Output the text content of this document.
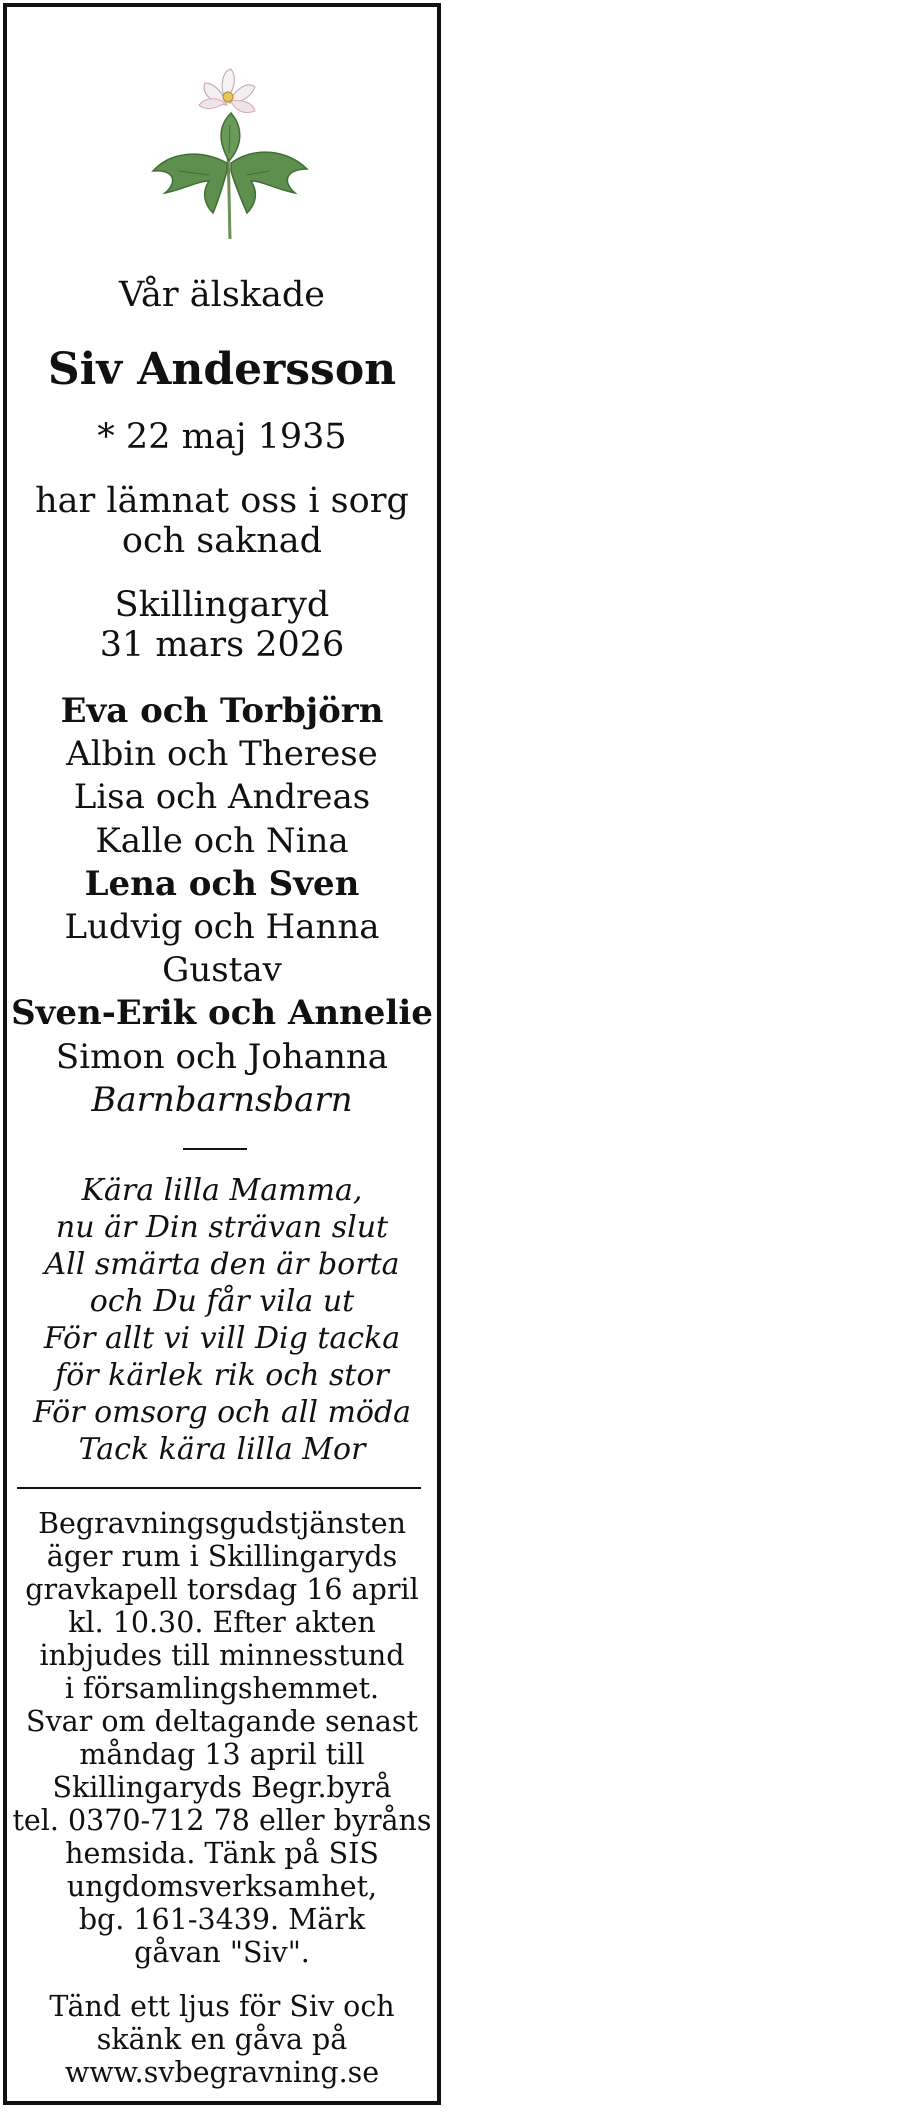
Vår älskade
Siv Andersson
* 22 maj 1935
har lämnat oss i sorg
och saknad
Skillingaryd
31 mars 2026
Eva och Torbjörn
Albin och Therese
Lisa och Andreas
Kalle och Nina
Lena och Sven
Ludvig och Hanna
Gustav
Sven-Erik och Annelie
Simon och Johanna
Barnbarnsbarn
Kära lilla Mamma,
nu är Din strävan slut
All smärta den är borta
och Du får vila ut
För allt vi vill Dig tacka
för kärlek rik och stor
För omsorg och all möda
Tack kära lilla Mor
Begravningsgudstjänsten
äger rum i Skillingaryds
gravkapell torsdag 16 april
kl. 10.30. Efter akten
inbjudes till minnesstund
i församlingshemmet.
Svar om deltagande senast
måndag 13 april till
Skillingaryds Begr.byrå
tel. 0370-712 78 eller byråns
hemsida. Tänk på SIS
ungdomsverksamhet,
bg. 161-3439. Märk
gåvan "Siv".
Tänd ett ljus för Siv och
skänk en gåva på
www.svbegravning.se
